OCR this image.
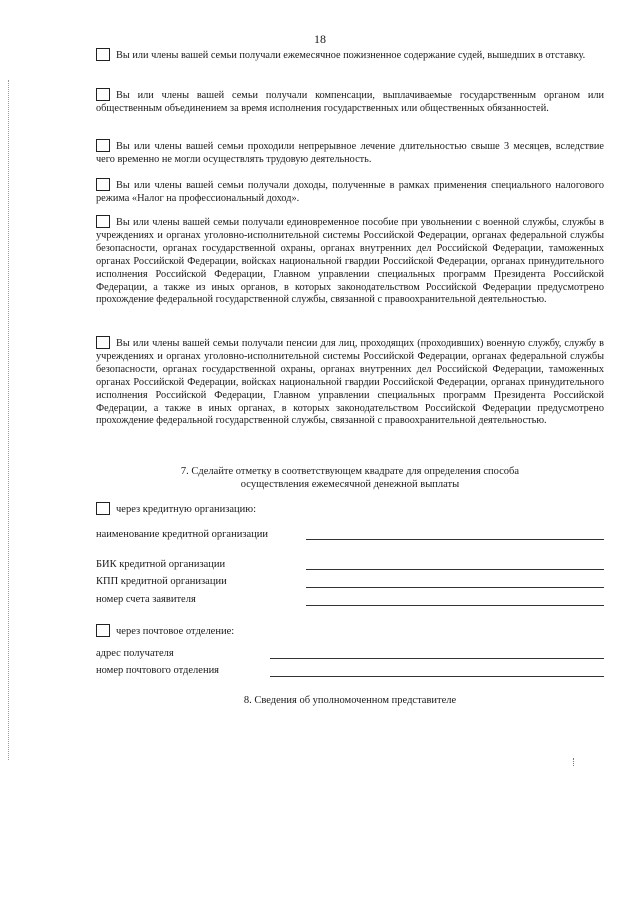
18
Вы или члены вашей семьи получали ежемесячное пожизненное содержание судей, вышедших в отставку.
Вы или члены вашей семьи получали компенсации, выплачиваемые государственным органом или общественным объединением за время исполнения государственных или общественных обязанностей.
Вы или члены вашей семьи проходили непрерывное лечение длительностью свыше 3 месяцев, вследствие чего временно не могли осуществлять трудовую деятельность.
Вы или члены вашей семьи получали доходы, полученные в рамках применения специального налогового режима «Налог на профессиональный доход».
Вы или члены вашей семьи получали единовременное пособие при увольнении с военной службы, службы в учреждениях и органах уголовно-исполнительной системы Российской Федерации, органах федеральной службы безопасности, органах государственной охраны, органах внутренних дел Российской Федерации, таможенных органах Российской Федерации, войсках национальной гвардии Российской Федерации, органах принудительного исполнения Российской Федерации, Главном управлении специальных программ Президента Российской Федерации, а также из иных органов, в которых законодательством Российской Федерации предусмотрено прохождение федеральной государственной службы, связанной с правоохранительной деятельностью.
Вы или члены вашей семьи получали пенсии для лиц, проходящих (проходивших) военную службу, службу в учреждениях и органах уголовно-исполнительной системы Российской Федерации, органах федеральной службы безопасности, органах государственной охраны, органах внутренних дел Российской Федерации, таможенных органах Российской Федерации, войсках национальной гвардии Российской Федерации, органах принудительного исполнения Российской Федерации, Главном управлении специальных программ Президента Российской Федерации, а также в иных органах, в которых законодательством Российской Федерации предусмотрено прохождение федеральной государственной службы, связанной с правоохранительной деятельностью.
7. Сделайте отметку в соответствующем квадрате для определения способа
осуществления ежемесячной денежной выплаты
через кредитную организацию:
наименование кредитной организации
БИК кредитной организации
КПП кредитной организации
номер счета заявителя
через почтовое отделение:
адрес получателя
номер почтового отделения
8. Сведения об уполномоченном представителе
